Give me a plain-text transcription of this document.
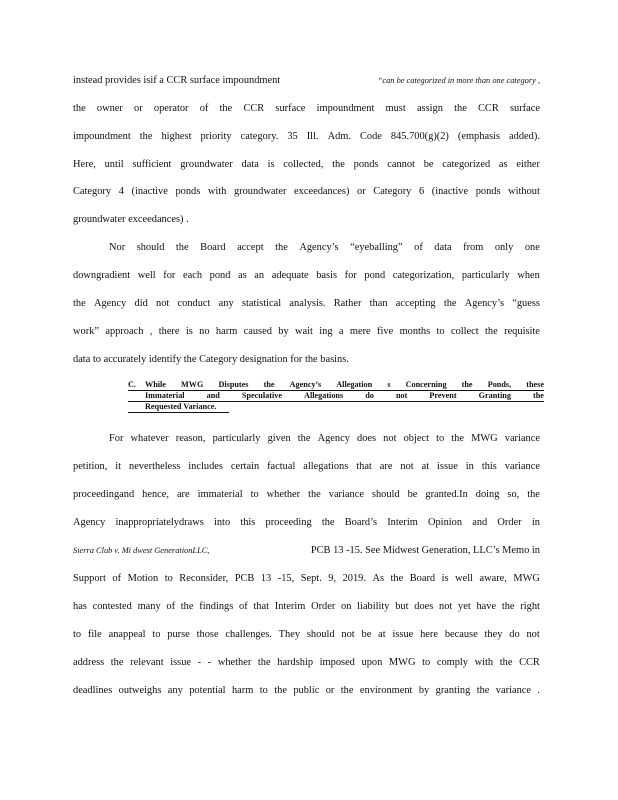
instead provides isif a CCR surface impoundment	“can be categorized in more than one category ,
the owner or operator of the CCR surface impoundment must assign the CCR surface
impoundment the highest priority category. 35 Ill. Adm. Code 845.700(g)(2) (emphasis added).
Here, until sufficient groundwater data is collected, the ponds cannot be categorized as either
Category 4 (inactive ponds with groundwater exceedances) or Category 6 (inactive ponds without
groundwater exceedances) .
Nor should the Board accept the Agency’s “eyeballing” of data from only one
downgradient well for each pond as an adequate basis for pond categorization, particularly when
the Agency did not conduct any statistical analysis. Rather than accepting the Agency’s “guess
work” approach , there is no harm caused by wait ing a mere five months to collect the requisite
data to accurately identify the Category designation for the basins.
C. While MWG Disputes the Agency’s Allegation s Concerning the Ponds, these
Immaterial	and	Speculative	Allegations	do	not	Prevent	Granting	the
Requested Variance.
For whatever reason, particularly given the Agency does not object to the MWG variance
petition, it nevertheless includes certain factual allegations that are not at issue in this variance
proceedingand hence, are immaterial to whether the variance should be granted.In doing so, the
Agency inappropriatelydraws into this proceeding the Board’s Interim Opinion and Order in
Sierra Club v. Mi dwest GenerationLLC,	PCB 13 -15. See Midwest Generation, LLC’s Memo in
Support of Motion to Reconsider, PCB 13 -15, Sept. 9, 2019. As the Board is well aware, MWG
has contested many of the findings of that Interim Order on liability but does not yet have the right
to file anappeal to purse those challenges. They should not be at issue here because they do not
address the relevant issue - - whether the hardship imposed upon MWG to comply with the CCR
deadlines outweighs any potential harm to the public or the environment by granting the variance .
